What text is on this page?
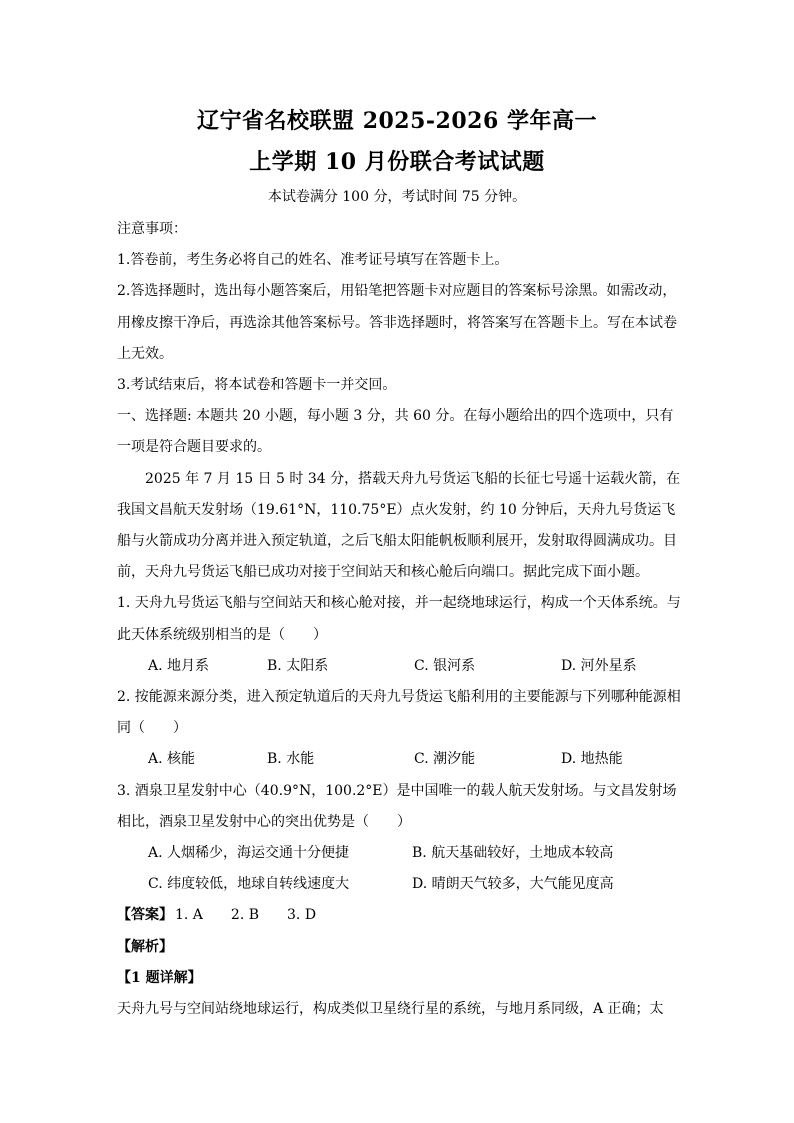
辽宁省名校联盟 2025-2026 学年高一
上学期 10 月份联合考试试题
本试卷满分 100 分，考试时间 75 分钟。

注意事项：

1.答卷前，考生务必将自己的姓名、准考证号填写在答题卡上。

2.答选择题时，选出每小题答案后，用铅笔把答题卡对应题目的答案标号涂黑。如需改动，用橡皮擦干净后，再选涂其他答案标号。答非选择题时，将答案写在答题卡上。写在本试卷上无效。

3.考试结束后，将本试卷和答题卡一并交回。

一、选择题: 本题共 20 小题，每小题 3 分，共 60 分。在每小题给出的四个选项中，只有一项是符合题目要求的。

2025 年 7 月 15 日 5 时 34 分，搭载天舟九号货运飞船的长征七号遥十运载火箭，在我国文昌航天发射场（19.61°N，110.75°E）点火发射，约 10 分钟后，天舟九号货运飞船与火箭成功分离并进入预定轨道，之后飞船太阳能帆板顺利展开，发射取得圆满成功。目前，天舟九号货运飞船已成功对接于空间站天和核心舱后向端口。据此完成下面小题。

1. 天舟九号货运飞船与空间站天和核心舱对接，并一起绕地球运行，构成一个天体系统。与此天体系统级别相当的是（　　）

A. 地月系	B. 太阳系	C. 银河系	D. 河外星系

2. 按能源来源分类，进入预定轨道后的天舟九号货运飞船利用的主要能源与下列哪种能源相同（　　）

A. 核能	B. 水能	C. 潮汐能	D. 地热能

3. 酒泉卫星发射中心（40.9°N，100.2°E）是中国唯一的载人航天发射场。与文昌发射场相比，酒泉卫星发射中心的突出优势是（　　）

A. 人烟稀少，海运交通十分便捷	B. 航天基础较好，土地成本较高
C. 纬度较低，地球自转线速度大	D. 晴朗天气较多，大气能见度高

【答案】 1. A　　2. B　　3. D

【解析】

【1 题详解】

天舟九号与空间站绕地球运行，构成类似卫星绕行星的系统，与地月系同级，A 正确；太
